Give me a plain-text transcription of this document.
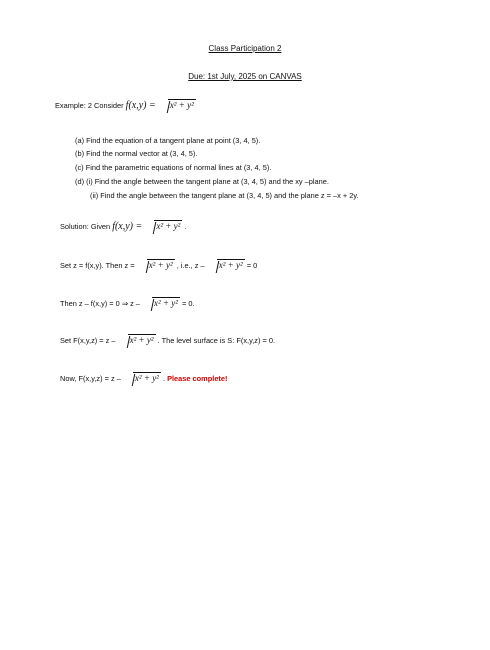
Class Participation 2
Due: 1st July, 2025 on CANVAS
Example: 2 Consider f(x,y) = x² + y²
(a) Find the equation of a tangent plane at point (3, 4, 5).
(b) Find the normal vector at (3, 4, 5).
(c) Find the parametric equations of normal lines at (3, 4, 5).
(d) (i) Find the angle between the tangent plane at (3, 4, 5) and the xy –plane.
(ii) Find the angle between the tangent plane at (3, 4, 5) and the plane z = –x + 2y.
Solution: Given f(x,y) = x² + y² .
Set z = f(x,y). Then z = x² + y² , i.e., z – x² + y² = 0
Then z – f(x,y) = 0 ⇒ z – x² + y² = 0.
Set F(x,y,z) = z – x² + y² . The level surface is S: F(x,y,z) = 0.
Now, F(x,y,z) = z – x² + y² . Please complete!
